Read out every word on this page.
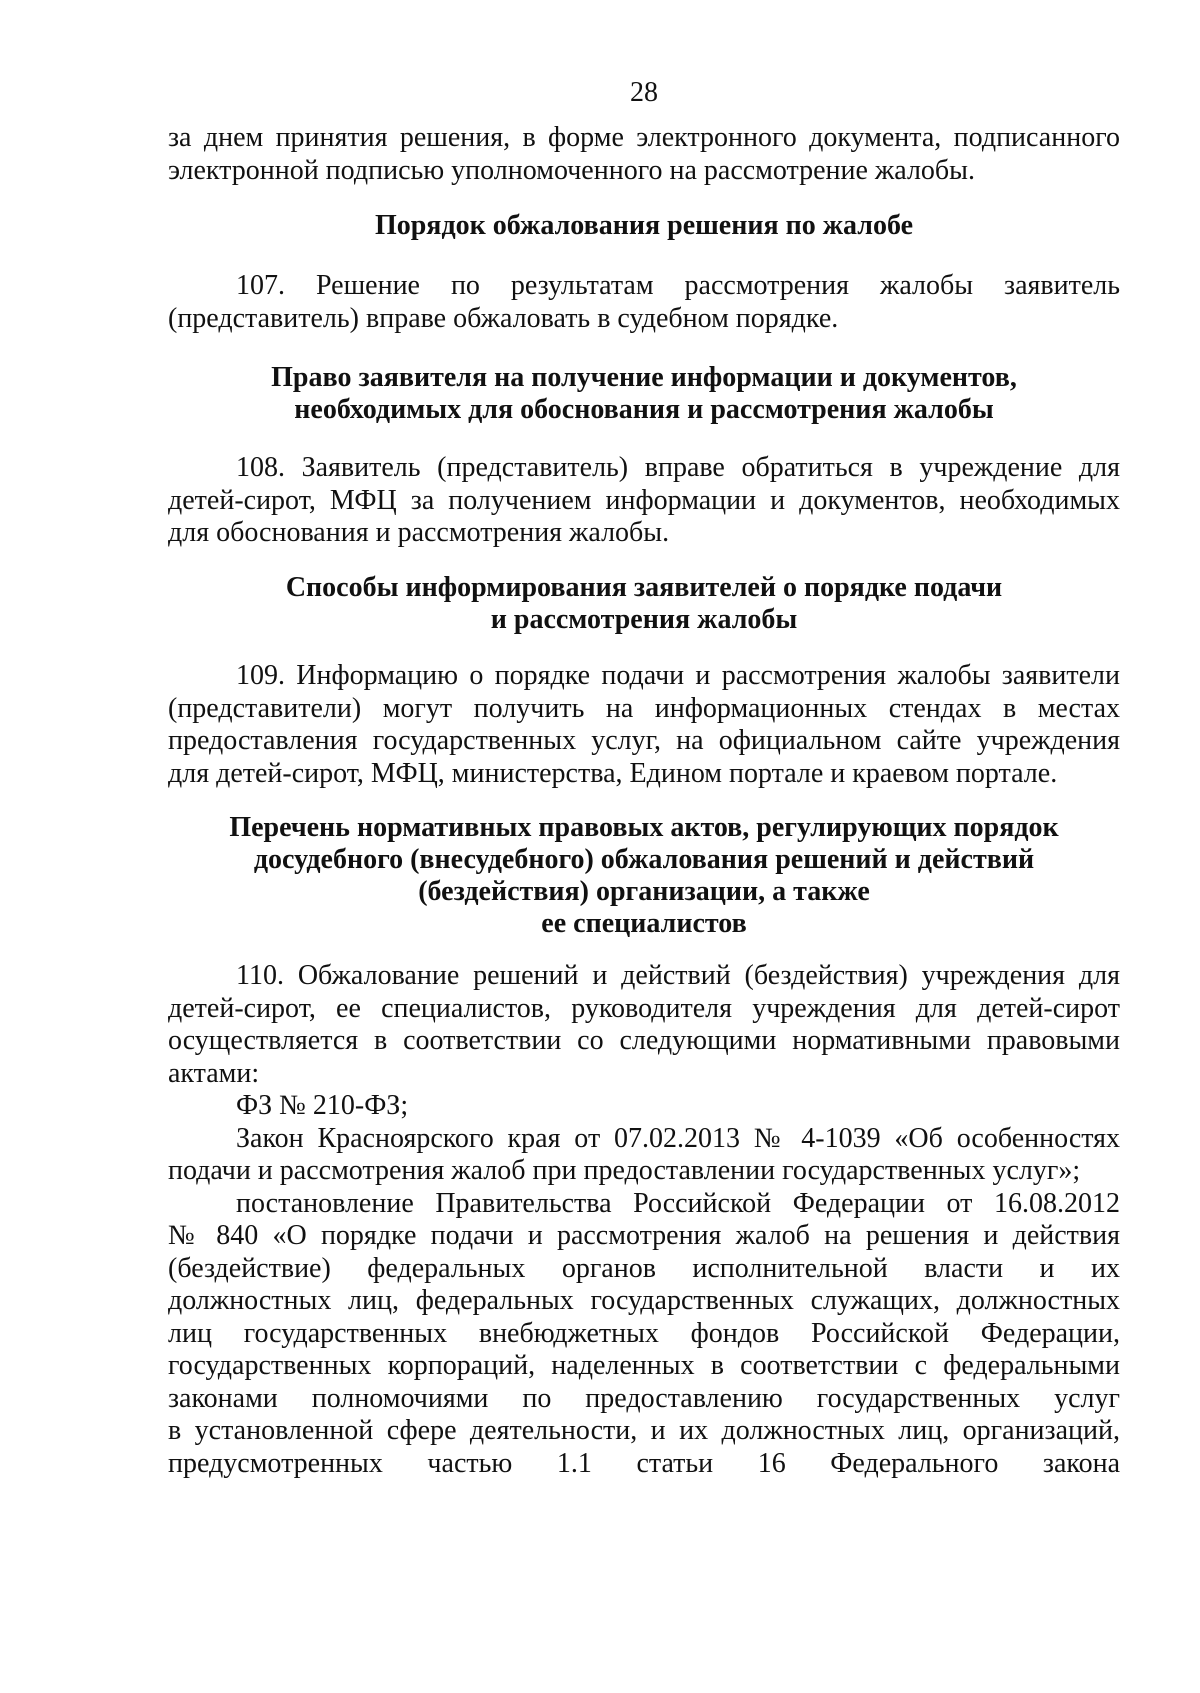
28
за днем принятия решения, в форме электронного документа, подписанного
электронной подписью уполномоченного на рассмотрение жалобы.
Порядок обжалования решения по жалобе
107. Решение по результатам рассмотрения жалобы заявитель
(представитель) вправе обжаловать в судебном порядке.
Право заявителя на получение информации и документов,
необходимых для обоснования и рассмотрения жалобы
108. Заявитель (представитель) вправе обратиться в учреждение для
детей-сирот, МФЦ за получением информации и документов, необходимых
для обоснования и рассмотрения жалобы.
Способы информирования заявителей о порядке подачи
и рассмотрения жалобы
109. Информацию о порядке подачи и рассмотрения жалобы заявители
(представители) могут получить на информационных стендах в местах
предоставления государственных услуг, на официальном сайте учреждения
для детей-сирот, МФЦ, министерства, Едином портале и краевом портале.
Перечень нормативных правовых актов, регулирующих порядок
досудебного (внесудебного) обжалования решений и действий
(бездействия) организации, а также
ее специалистов
110. Обжалование решений и действий (бездействия) учреждения для
детей-сирот, ее специалистов, руководителя учреждения для детей-сирот
осуществляется в соответствии со следующими нормативными правовыми
актами:
ФЗ № 210-ФЗ;
Закон Красноярского края от 07.02.2013 № 4-1039 «Об особенностях
подачи и рассмотрения жалоб при предоставлении государственных услуг»;
постановление Правительства Российской Федерации от 16.08.2012
№ 840 «О порядке подачи и рассмотрения жалоб на решения и действия
(бездействие) федеральных органов исполнительной власти и их
должностных лиц, федеральных государственных служащих, должностных
лиц государственных внебюджетных фондов Российской Федерации,
государственных корпораций, наделенных в соответствии с федеральными
законами полномочиями по предоставлению государственных услуг
в установленной сфере деятельности, и их должностных лиц, организаций,
предусмотренных частью 1.1 статьи 16 Федерального закона
